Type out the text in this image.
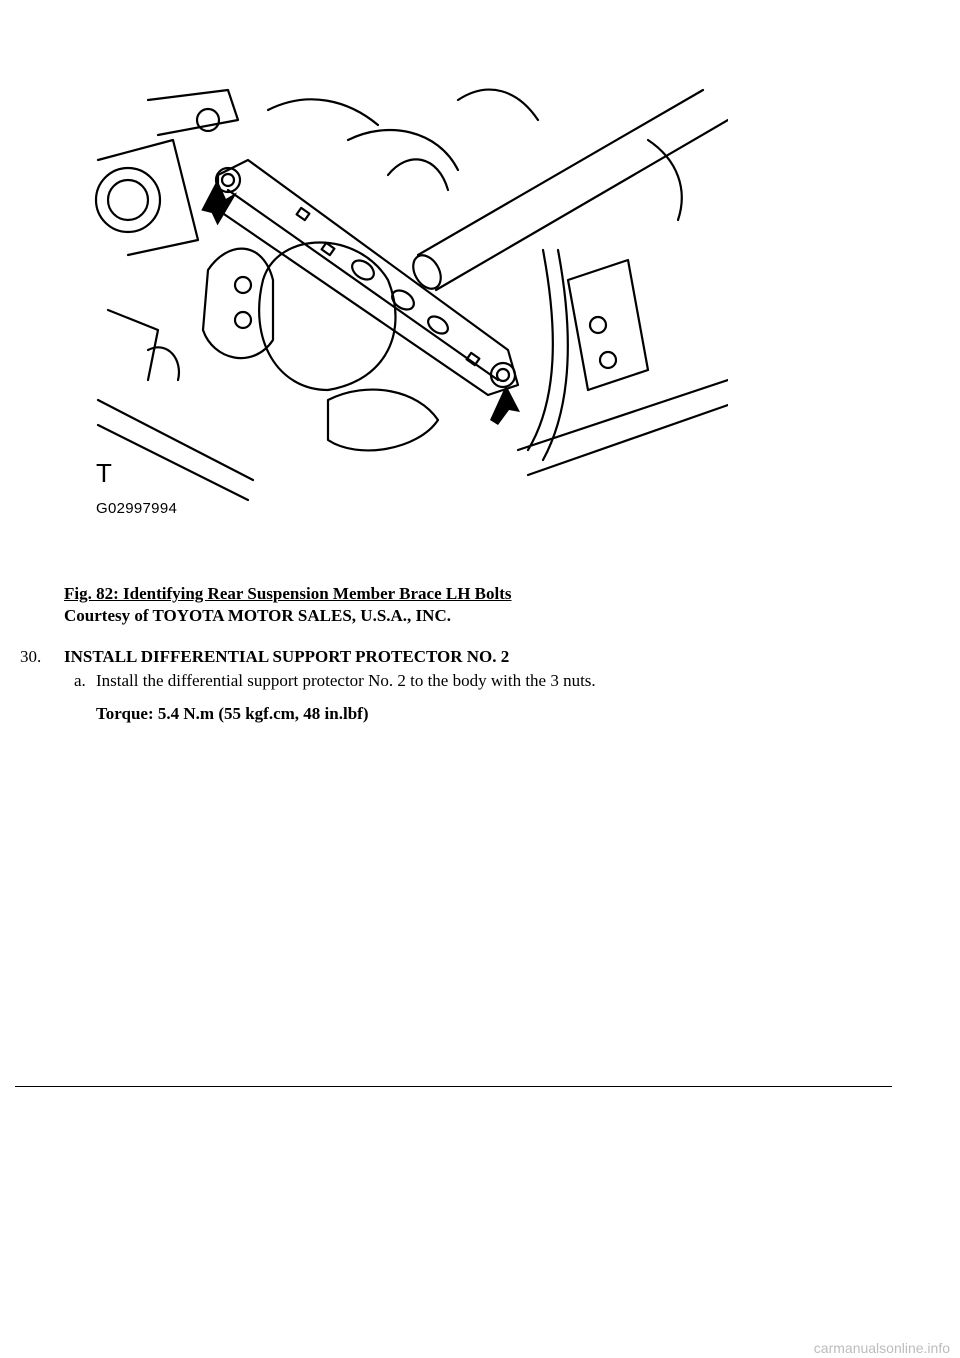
T
G02997994
Fig. 82: Identifying Rear Suspension Member Brace LH Bolts
Courtesy of TOYOTA MOTOR SALES, U.S.A., INC.
30. INSTALL DIFFERENTIAL SUPPORT PROTECTOR NO. 2
a. Install the differential support protector No. 2 to the body with the 3 nuts.
Torque: 5.4 N.m (55 kgf.cm, 48 in.lbf)
carmanualsonline.info
